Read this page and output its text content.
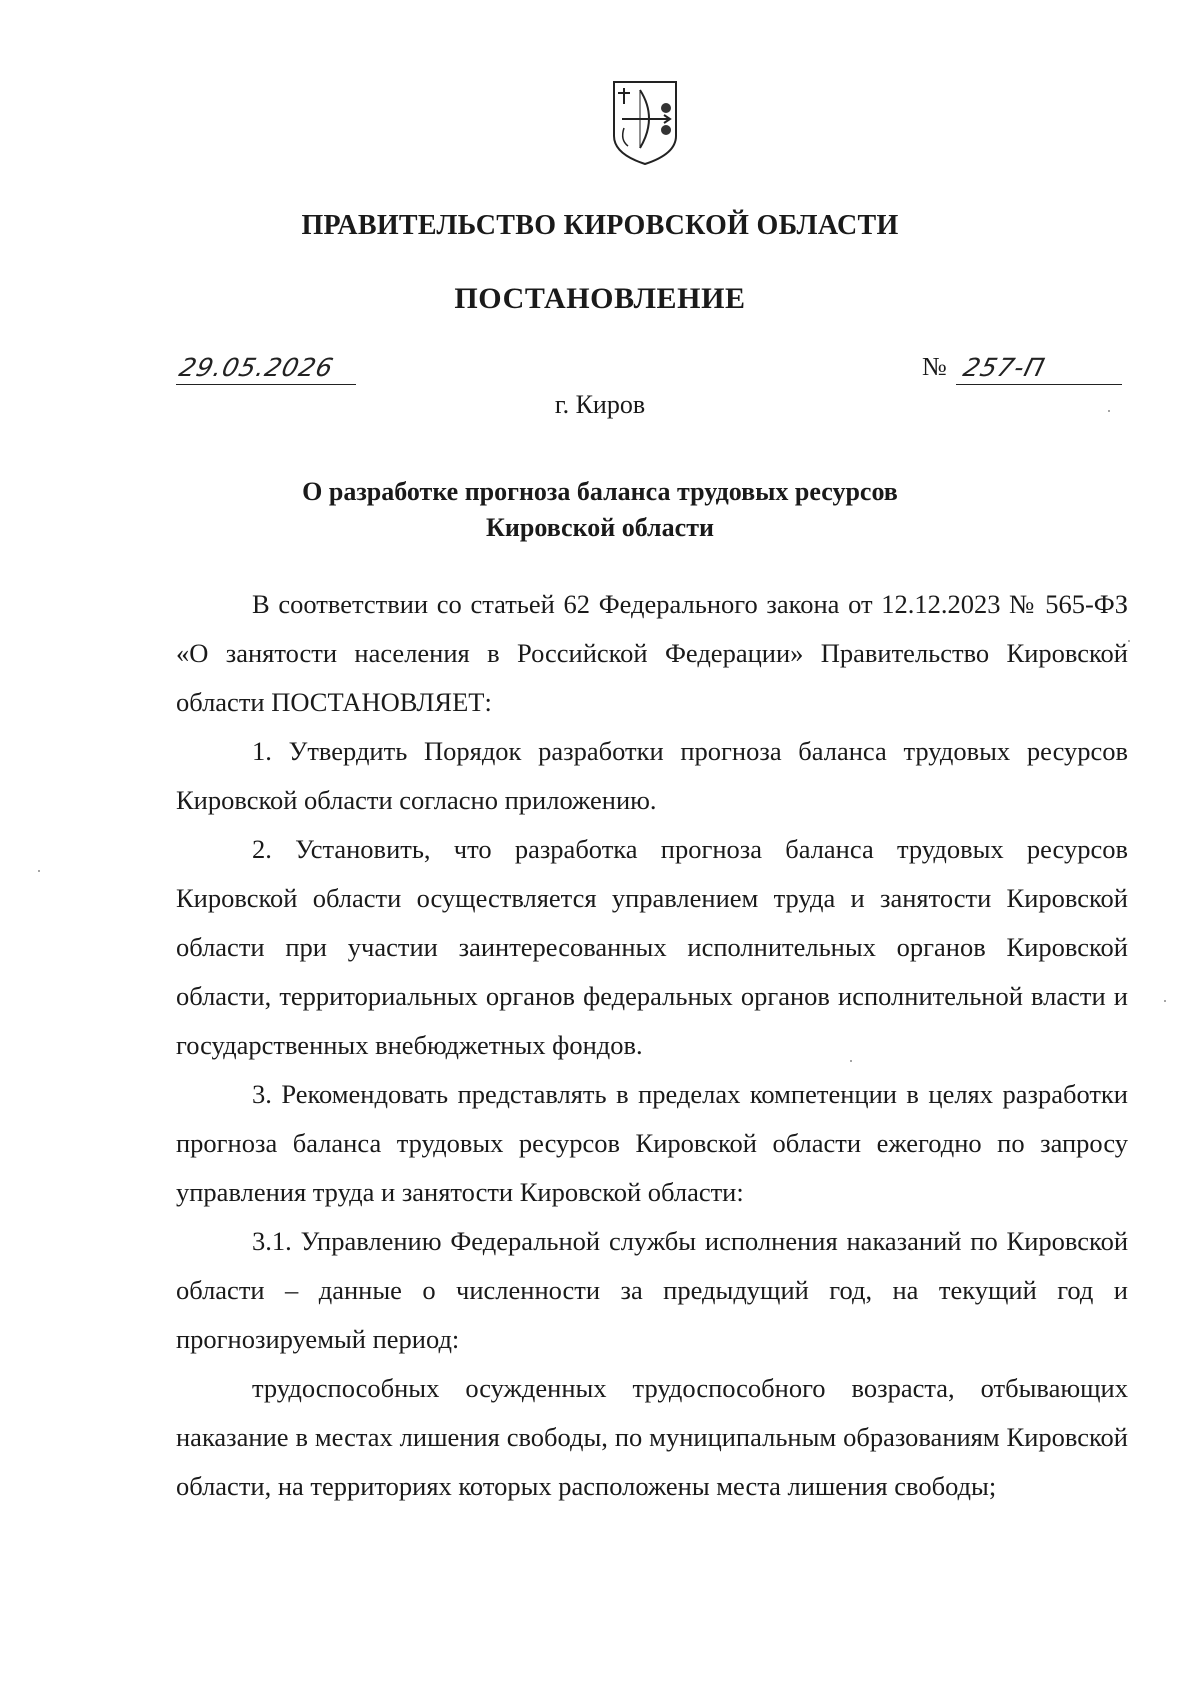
ПРАВИТЕЛЬСТВО КИРОВСКОЙ ОБЛАСТИ
ПОСТАНОВЛЕНИЕ
29.05.2026	№ 257-П
г. Киров
О разработке прогноза баланса трудовых ресурсов
Кировской области

В соответствии со статьей 62 Федерального закона от 12.12.2023 № 565-ФЗ «О занятости населения в Российской Федерации» Правительство Кировской области ПОСТАНОВЛЯЕТ:

1. Утвердить Порядок разработки прогноза баланса трудовых ресурсов Кировской области согласно приложению.

2. Установить, что разработка прогноза баланса трудовых ресурсов Кировской области осуществляется управлением труда и занятости Кировской области при участии заинтересованных исполнительных органов Кировской области, территориальных органов федеральных органов исполнительной власти и государственных внебюджетных фондов.

3. Рекомендовать представлять в пределах компетенции в целях разработки прогноза баланса трудовых ресурсов Кировской области ежегодно по запросу управления труда и занятости Кировской области:

3.1. Управлению Федеральной службы исполнения наказаний по Кировской области – данные о численности за предыдущий год, на текущий год и прогнозируемый период:

трудоспособных осужденных трудоспособного возраста, отбывающих наказание в местах лишения свободы, по муниципальным образованиям Кировской области, на территориях которых расположены места лишения свободы;
